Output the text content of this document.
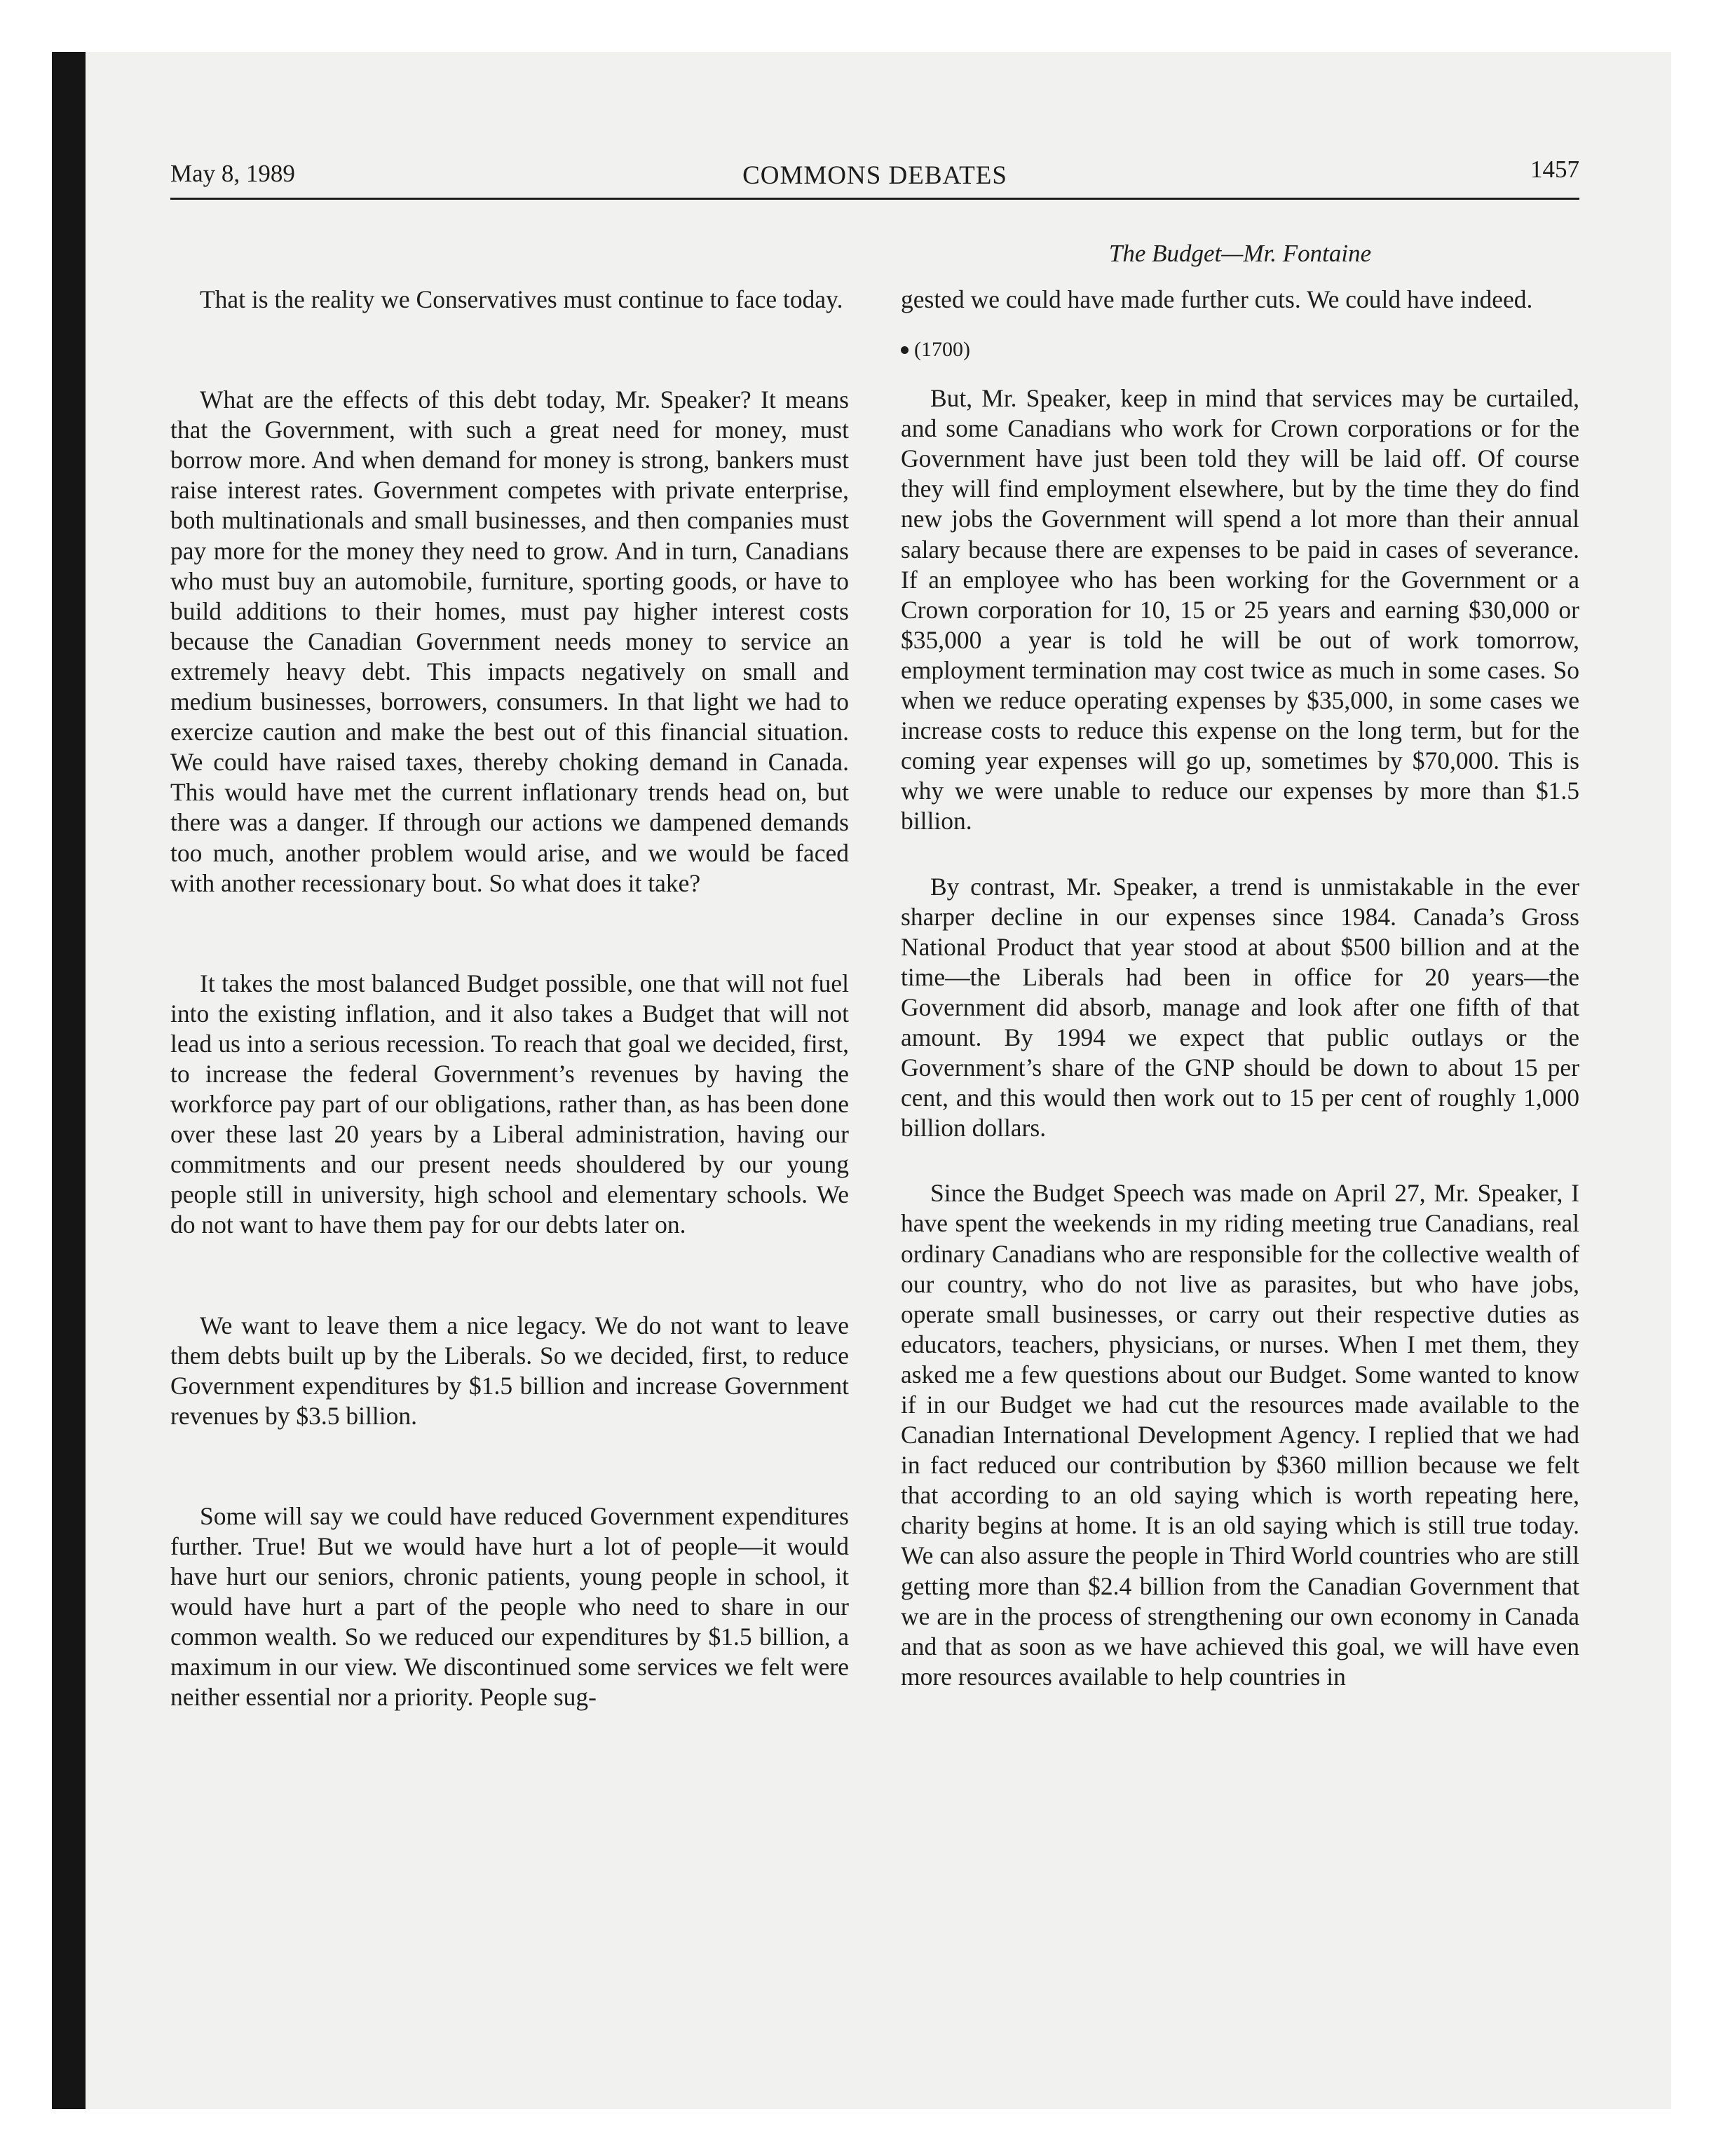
May 8, 1989	COMMONS DEBATES	1457
The Budget—Mr. Fontaine

That is the reality we Conservatives must continue to face today.

What are the effects of this debt today, Mr. Speaker? It means that the Government, with such a great need for money, must borrow more. And when demand for money is strong, bankers must raise interest rates. Government competes with private enterprise, both multinationals and small businesses, and then companies must pay more for the money they need to grow. And in turn, Canadians who must buy an automobile, furniture, sporting goods, or have to build additions to their homes, must pay higher interest costs because the Canadian Government needs money to service an extremely heavy debt. This impacts negatively on small and medium businesses, borrowers, consumers. In that light we had to exercize caution and make the best out of this financial situation. We could have raised taxes, thereby choking demand in Canada. This would have met the current inflationary trends head on, but there was a danger. If through our actions we dampened demands too much, another problem would arise, and we would be faced with another recessionary bout. So what does it take?

It takes the most balanced Budget possible, one that will not fuel into the existing inflation, and it also takes a Budget that will not lead us into a serious recession. To reach that goal we decided, first, to increase the federal Government’s revenues by having the workforce pay part of our obligations, rather than, as has been done over these last 20 years by a Liberal administration, having our commitments and our present needs shouldered by our young people still in university, high school and elementary schools. We do not want to have them pay for our debts later on.

We want to leave them a nice legacy. We do not want to leave them debts built up by the Liberals. So we decided, first, to reduce Government expenditures by $1.5 billion and increase Government revenues by $3.5 billion.

Some will say we could have reduced Government expenditures further. True! But we would have hurt a lot of people—it would have hurt our seniors, chronic patients, young people in school, it would have hurt a part of the people who need to share in our common wealth. So we reduced our expenditures by $1.5 billion, a maximum in our view. We discontinued some services we felt were neither essential nor a priority. People sug-

gested we could have made further cuts. We could have indeed.

(1700)

But, Mr. Speaker, keep in mind that services may be curtailed, and some Canadians who work for Crown corporations or for the Government have just been told they will be laid off. Of course they will find employment elsewhere, but by the time they do find new jobs the Government will spend a lot more than their annual salary because there are expenses to be paid in cases of severance. If an employee who has been working for the Government or a Crown corporation for 10, 15 or 25 years and earning $30,000 or $35,000 a year is told he will be out of work tomorrow, employment termination may cost twice as much in some cases. So when we reduce operating expenses by $35,000, in some cases we increase costs to reduce this expense on the long term, but for the coming year expenses will go up, sometimes by $70,000. This is why we were unable to reduce our expenses by more than $1.5 billion.

By contrast, Mr. Speaker, a trend is unmistakable in the ever sharper decline in our expenses since 1984. Canada’s Gross National Product that year stood at about $500 billion and at the time—the Liberals had been in office for 20 years—the Government did absorb, manage and look after one fifth of that amount. By 1994 we expect that public outlays or the Government’s share of the GNP should be down to about 15 per cent, and this would then work out to 15 per cent of roughly 1,000 billion dollars.

Since the Budget Speech was made on April 27, Mr. Speaker, I have spent the weekends in my riding meeting true Canadians, real ordinary Canadians who are responsible for the collective wealth of our country, who do not live as parasites, but who have jobs, operate small businesses, or carry out their respective duties as educators, teachers, physicians, or nurses. When I met them, they asked me a few questions about our Budget. Some wanted to know if in our Budget we had cut the resources made available to the Canadian International Development Agency. I replied that we had in fact reduced our contribution by $360 million because we felt that according to an old saying which is worth repeating here, charity begins at home. It is an old saying which is still true today. We can also assure the people in Third World countries who are still getting more than $2.4 billion from the Canadian Government that we are in the process of strengthening our own economy in Canada and that as soon as we have achieved this goal, we will have even more resources available to help countries in
